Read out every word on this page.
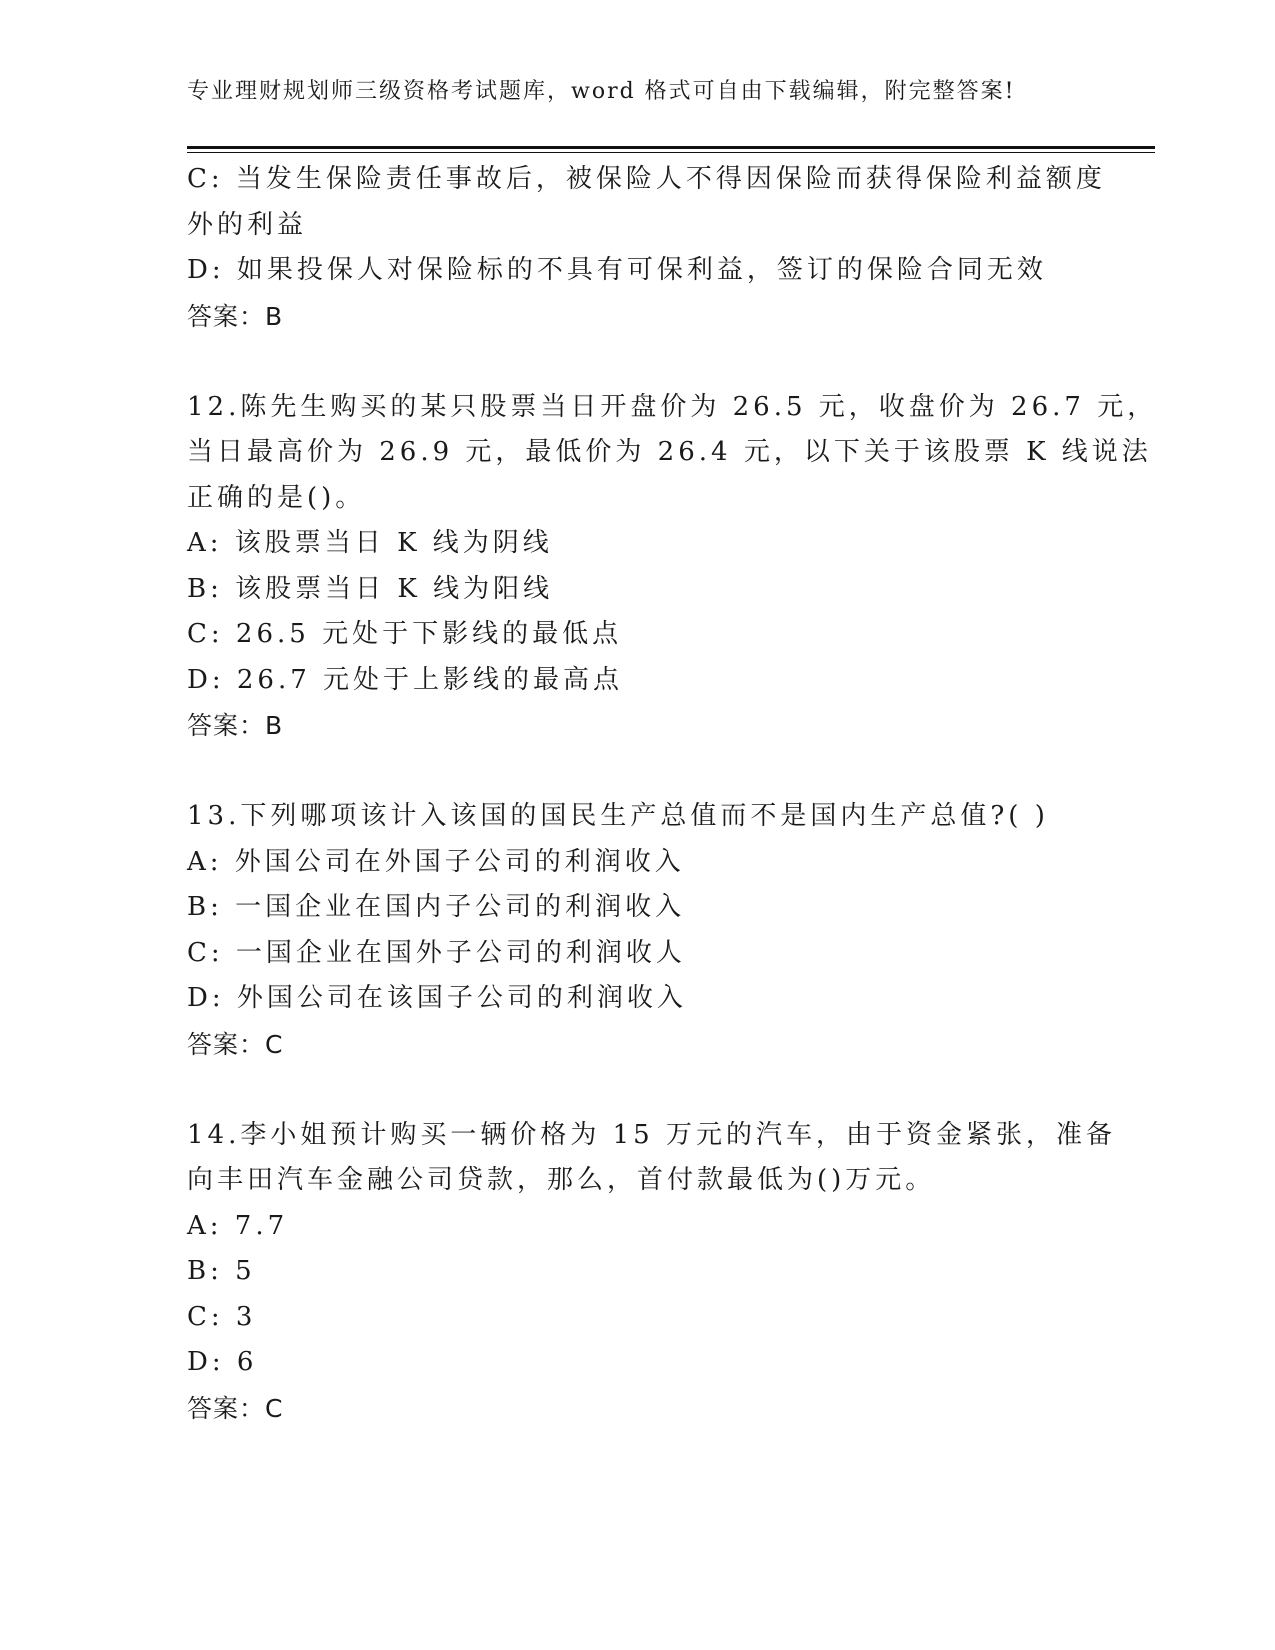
专业理财规划师三级资格考试题库，word 格式可自由下载编辑，附完整答案!
C: 当发生保险责任事故后，被保险人不得因保险而获得保险利益额度
外的利益
D: 如果投保人对保险标的不具有可保利益，签订的保险合同无效
答案：B
12.陈先生购买的某只股票当日开盘价为 26.5 元，收盘价为 26.7 元，
当日最高价为 26.9 元，最低价为 26.4 元，以下关于该股票 K 线说法
正确的是()。
A: 该股票当日 K 线为阴线
B: 该股票当日 K 线为阳线
C: 26.5 元处于下影线的最低点
D: 26.7 元处于上影线的最高点
答案：B
13.下列哪项该计入该国的国民生产总值而不是国内生产总值?( )
A: 外国公司在外国子公司的利润收入
B: 一国企业在国内子公司的利润收入
C: 一国企业在国外子公司的利润收人
D: 外国公司在该国子公司的利润收入
答案：C
14.李小姐预计购买一辆价格为 15 万元的汽车，由于资金紧张，准备
向丰田汽车金融公司贷款，那么，首付款最低为()万元。
A: 7.7
B: 5
C: 3
D: 6
答案：C
